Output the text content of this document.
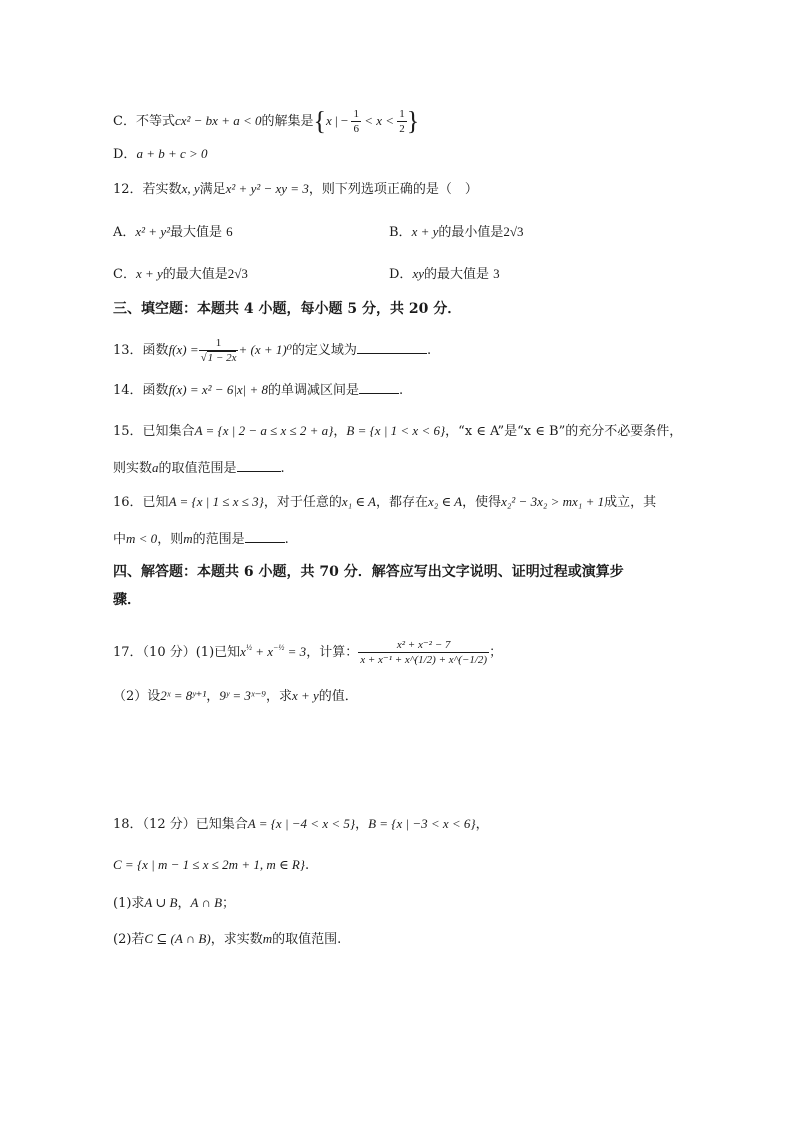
C．不等式cx² − bx + a < 0的解集是{x | − $\frac{1}{6} < x < \frac{1}{2}$ }
D．a + b + c > 0
12．若实数x, y满足x² + y² − xy = 3，则下列选项正确的是（　）
A．x² + y²最大值是 6	B．x + y的最小值是2√3
C．x + y的最大值是2√3	D．xy的最大值是 3
三、填空题：本题共 4 小题，每小题 5 分，共 20 分．
13．函数$f(x) = \frac{1}{√1 - 2x} + (x + 1)^0$的定义域为	.
14．函数f(x) = x² − 6|x| + 8的单调减区间是	.
15．已知集合A = {x | 2 − a ≤ x ≤ 2 + a}，B = {x | 1 < x < 6}，“x ∈ A”是“x ∈ B”的充分不必要条件，
则实数a的取值范围是	.
16．已知A = {x | 1 ≤ x ≤ 3}，对于任意的x₁ ∈ A，都存在x₂ ∈ A，使得x₂² − 3x₂ > mx₁ + 1成立，其
中m < 0，则m的范围是	.
四、解答题：本题共 6 小题，共 70 分．解答应写出文字说明、证明过程或演算步
骤．
17．（10 分）(1)已知$x^{\frac{1}{2}} + x^{-\frac{1}{2}} = 3$，计算： $\frac{\text{x² + x⁻² − 7}}{\text{x + x⁻¹ + x\textasciicircum{}(1/2) + x\textasciicircum{}(−1/2)}}$ ；
（2）设2ˣ = 8ʸ⁺¹，9ʸ = 3ˣ⁻⁹，求x + y的值．
18．（12 分）已知集合A = {x | −4 < x < 5}，B = {x | −3 < x < 6}，
C = {x | m − 1 ≤ x ≤ 2m + 1, m ∈ R}.
(1)求A ∪ B，A ∩ B；
(2)若C ⊆ (A ∩ B)，求实数m的取值范围.
